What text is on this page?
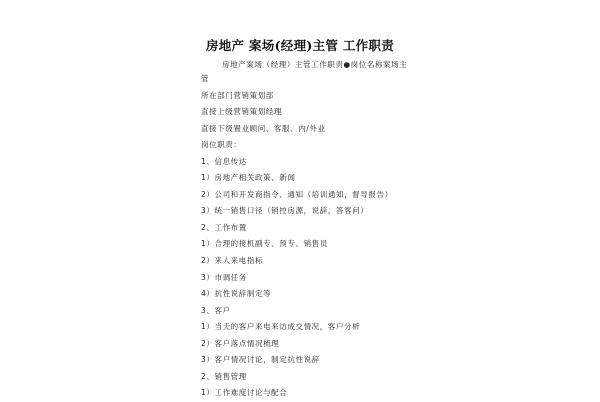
房地产 案场(经理)主管 工作职责
房地产案场（经理）主管工作职责●岗位名称案场主
管
所在部门营销策划部
直接上级营销策划经理
直接下级置业顾问、客服、内/外业
岗位职责：
1、信息传达
1）房地产相关政策、新闻
2）公司和开发商指令、通知（培训通知，督导报告）
3）统一销售口径（销控房源，说辞，答客问）
2、工作布置
1）合理的接机副专、预专、销售员
2）来人来电指标
3）市调任务
4）抗性说辞制定等
3、客户
1）当天的客户来电来访成交情况，客户分析
2）客户落点情况梳理
3）客户情况讨论，制定抗性说辞
2、销售管理
1）工作难度讨论与配合
